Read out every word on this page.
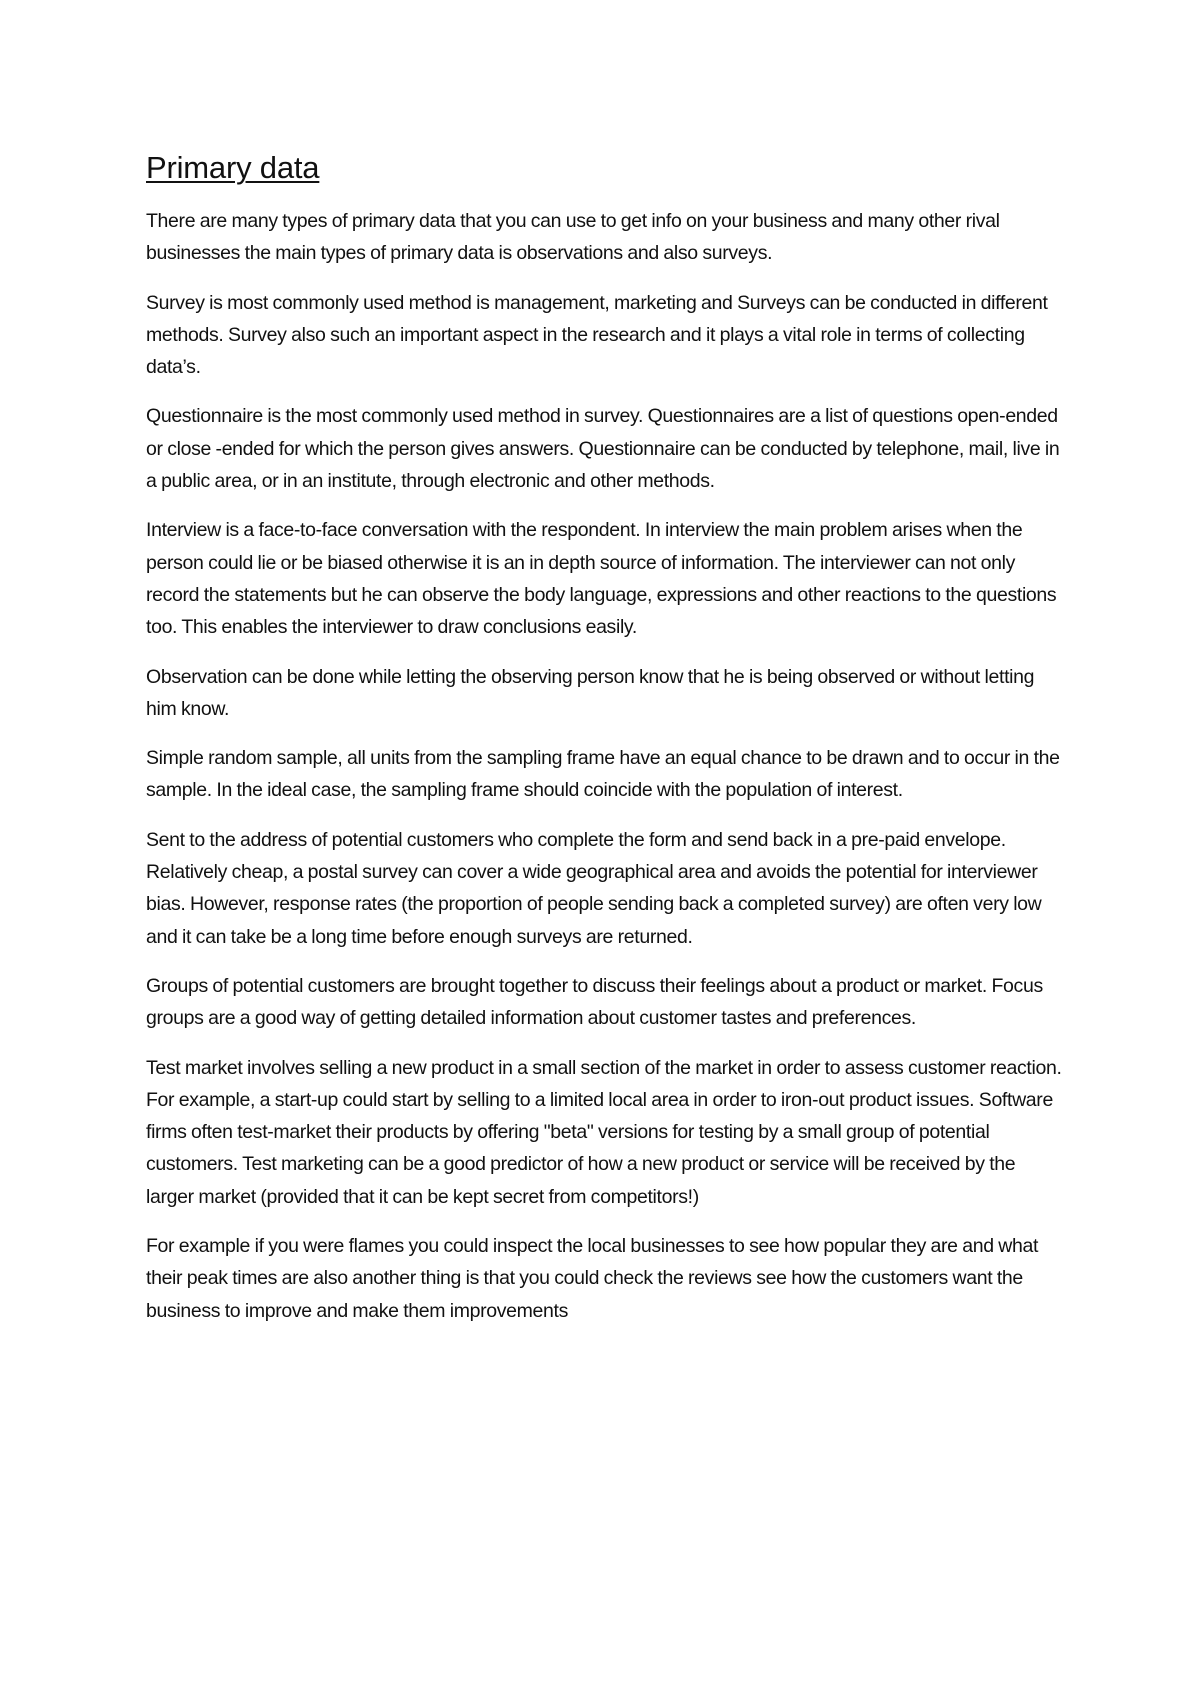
Primary data

There are many types of primary data that you can use to get info on your business and many other rival businesses the main types of primary data is observations and also surveys.

Survey is most commonly used method is management, marketing and Surveys can be conducted in different methods. Survey also such an important aspect in the research and it plays a vital role in terms of collecting data’s.

Questionnaire is the most commonly used method in survey. Questionnaires are a list of questions open-ended or close -ended for which the person gives answers. Questionnaire can be conducted by telephone, mail, live in a public area, or in an institute, through electronic and other methods.

Interview is a face-to-face conversation with the respondent. In interview the main problem arises when the person could lie or be biased otherwise it is an in depth source of information. The interviewer can not only record the statements but he can observe the body language, expressions and other reactions to the questions too. This enables the interviewer to draw conclusions easily.

Observation can be done while letting the observing person know that he is being observed or without letting him know.

Simple random sample, all units from the sampling frame have an equal chance to be drawn and to occur in the sample. In the ideal case, the sampling frame should coincide with the population of interest.

Sent to the address of potential customers who complete the form and send back in a pre-paid envelope. Relatively cheap, a postal survey can cover a wide geographical area and avoids the potential for interviewer bias. However, response rates (the proportion of people sending back a completed survey) are often very low and it can take be a long time before enough surveys are returned.

Groups of potential customers are brought together to discuss their feelings about a product or market. Focus groups are a good way of getting detailed information about customer tastes and preferences.

Test market involves selling a new product in a small section of the market in order to assess customer reaction. For example, a start-up could start by selling to a limited local area in order to iron-out product issues. Software firms often test-market their products by offering "beta" versions for testing by a small group of potential customers. Test marketing can be a good predictor of how a new product or service will be received by the larger market (provided that it can be kept secret from competitors!)

For example if you were flames you could inspect the local businesses to see how popular they are and what their peak times are also another thing is that you could check the reviews see how the customers want the business to improve and make them improvements
